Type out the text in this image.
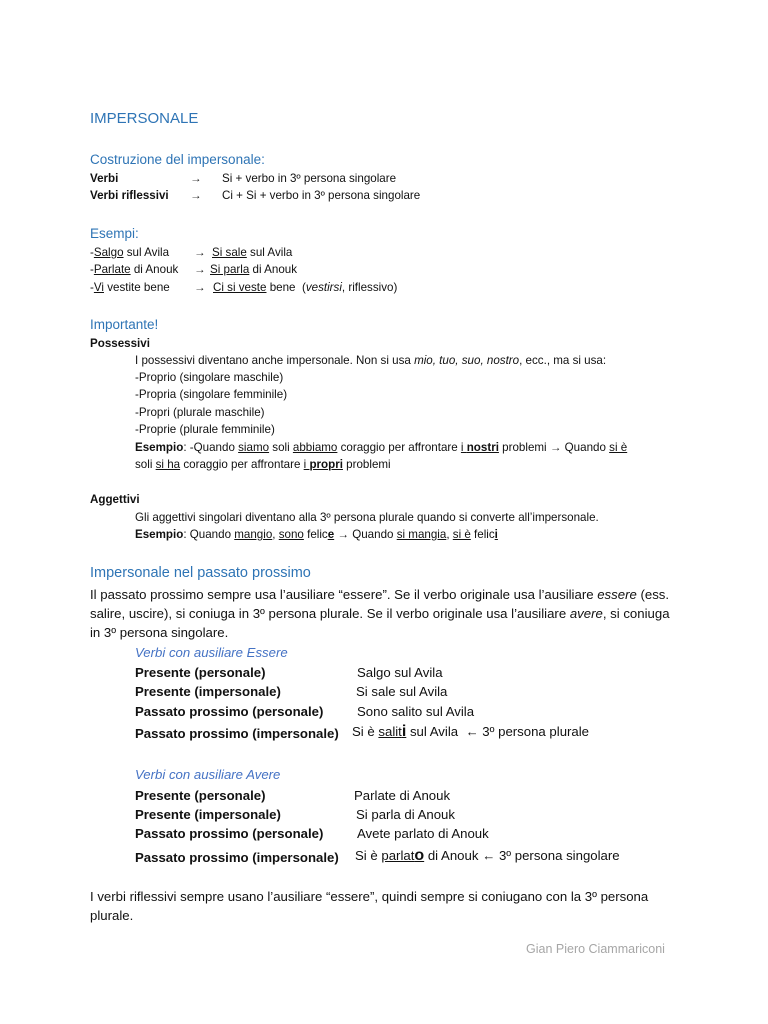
IMPERSONALE
Costruzione del impersonale:
Verbi	→ Si + verbo in 3º persona singolare
Verbi riflessivi → Ci + Si + verbo in 3º persona singolare
Esempi:
-Salgo sul Avila → Si sale sul Avila
-Parlate di Anouk → Si parla di Anouk
-Vi vestite bene → Ci si veste bene (vestirsi, riflessivo)
Importante!
Possessivi
I possessivi diventano anche impersonale. Non si usa mio, tuo, suo, nostro, ecc., ma si usa:
-Proprio (singolare maschile)
-Propria (singolare femminile)
-Propri (plurale maschile)
-Proprie (plurale femminile)
Esempio: -Quando siamo soli abbiamo coraggio per affrontare i nostri problemi → Quando si è
soli si ha coraggio per affrontare i propri problemi
Aggettivi
Gli aggettivi singolari diventano alla 3º persona plurale quando si converte all’impersonale.
Esempio: Quando mangio, sono felice → Quando si mangia, si è felici
Impersonale nel passato prossimo
Il passato prossimo sempre usa l’ausiliare “essere”. Se il verbo originale usa l’ausiliare essere (ess.
salire, uscire), si coniuga in 3º persona plurale. Se il verbo originale usa l’ausiliare avere, si coniuga
in 3º persona singolare.
Verbi con ausiliare Essere
Presente (personale)	Salgo sul Avila
Presente (impersonale)	Si sale sul Avila
Passato prossimo (personale)	Sono salito sul Avila
Passato prossimo (impersonale) Si è saliti sul Avila  ← 3º persona plurale
Verbi con ausiliare Avere
Presente (personale)	Parlate di Anouk
Presente (impersonale)	Si parla di Anouk
Passato prossimo (personale)	Avete parlato di Anouk
Passato prossimo (impersonale) Si è parlato di Anouk ← 3º persona singolare
I verbi riflessivi sempre usano l’ausiliare “essere”, quindi sempre si coniugano con la 3º persona
plurale.
Gian Piero Ciammariconi
